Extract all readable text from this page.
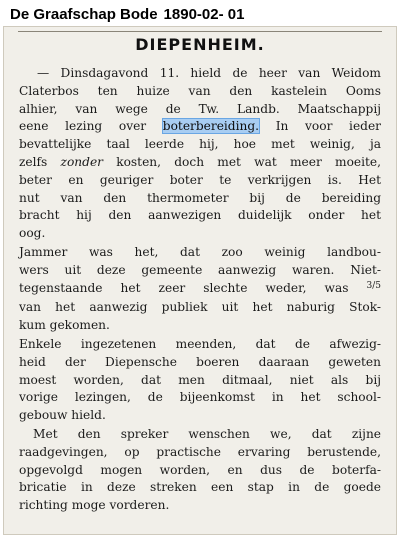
De Graafschap Bode 1890-02- 01
DIEPENHEIM.
— Dinsdagavond 11. hield de heer van Weidom
Claterbos ten huize van den kastelein Ooms
alhier, van wege de Tw. Landb. Maatschappij
eene lezing over boterbereiding. In voor ieder
bevattelijke taal leerde hij, hoe met weinig, ja
zelfs zonder kosten, doch met wat meer moeite,
beter en geuriger boter te verkrijgen is. Het
nut van den thermometer bij de bereiding
bracht hij den aanwezigen duidelijk onder het
oog.
Jammer was het, dat zoo weinig landbou-
wers uit deze gemeente aanwezig waren. Niet-
tegenstaande het zeer slechte weder, was $^{3/5}$
van het aanwezig publiek uit het naburig Stok-
kum gekomen.
Enkele ingezetenen meenden, dat de afwezig-
heid der Diepensche boeren daaraan geweten
moest worden, dat men ditmaal, niet als bij
vorige lezingen, de bijeenkomst in het school-
gebouw hield.
Met den spreker wenschen we, dat zijne
raadgevingen, op practische ervaring berustende,
opgevolgd mogen worden, en dus de boterfa-
bricatie in deze streken een stap in de goede
richting moge vorderen.
